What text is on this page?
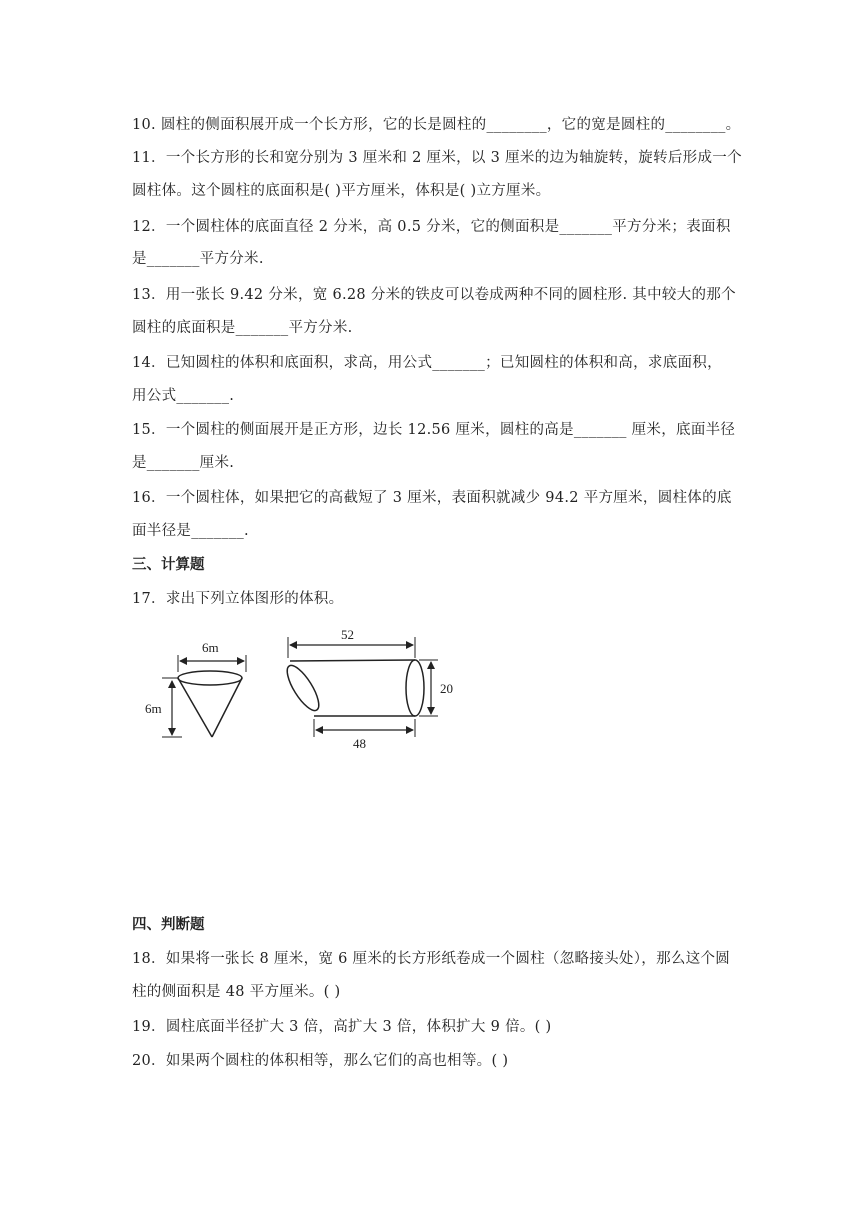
10. 圆柱的侧面积展开成一个长方形，它的长是圆柱的________，它的宽是圆柱的________。
11．一个长方形的长和宽分别为 3 厘米和 2 厘米，以 3 厘米的边为轴旋转，旋转后形成一个
圆柱体。这个圆柱的底面积是( )平方厘米，体积是( )立方厘米。
12．一个圆柱体的底面直径 2 分米，高 0.5 分米，它的侧面积是_______平方分米；表面积
是_______平方分米.
13．用一张长 9.42 分米，宽 6.28 分米的铁皮可以卷成两种不同的圆柱形. 其中较大的那个
圆柱的底面积是_______平方分米.
14．已知圆柱的体积和底面积，求高，用公式_______；已知圆柱的体积和高，求底面积，
用公式_______.
15．一个圆柱的侧面展开是正方形，边长 12.56 厘米，圆柱的高是_______ 厘米，底面半径
是_______厘米.
16．一个圆柱体，如果把它的高截短了 3 厘米，表面积就减少 94.2 平方厘米，圆柱体的底
面半径是_______.
三、计算题
17．求出下列立体图形的体积。
6m
6m
52
48
20
四、判断题
18．如果将一张长 8 厘米，宽 6 厘米的长方形纸卷成一个圆柱（忽略接头处），那么这个圆
柱的侧面积是 48 平方厘米。( )
19．圆柱底面半径扩大 3 倍，高扩大 3 倍，体积扩大 9 倍。( )
20．如果两个圆柱的体积相等，那么它们的高也相等。( )
